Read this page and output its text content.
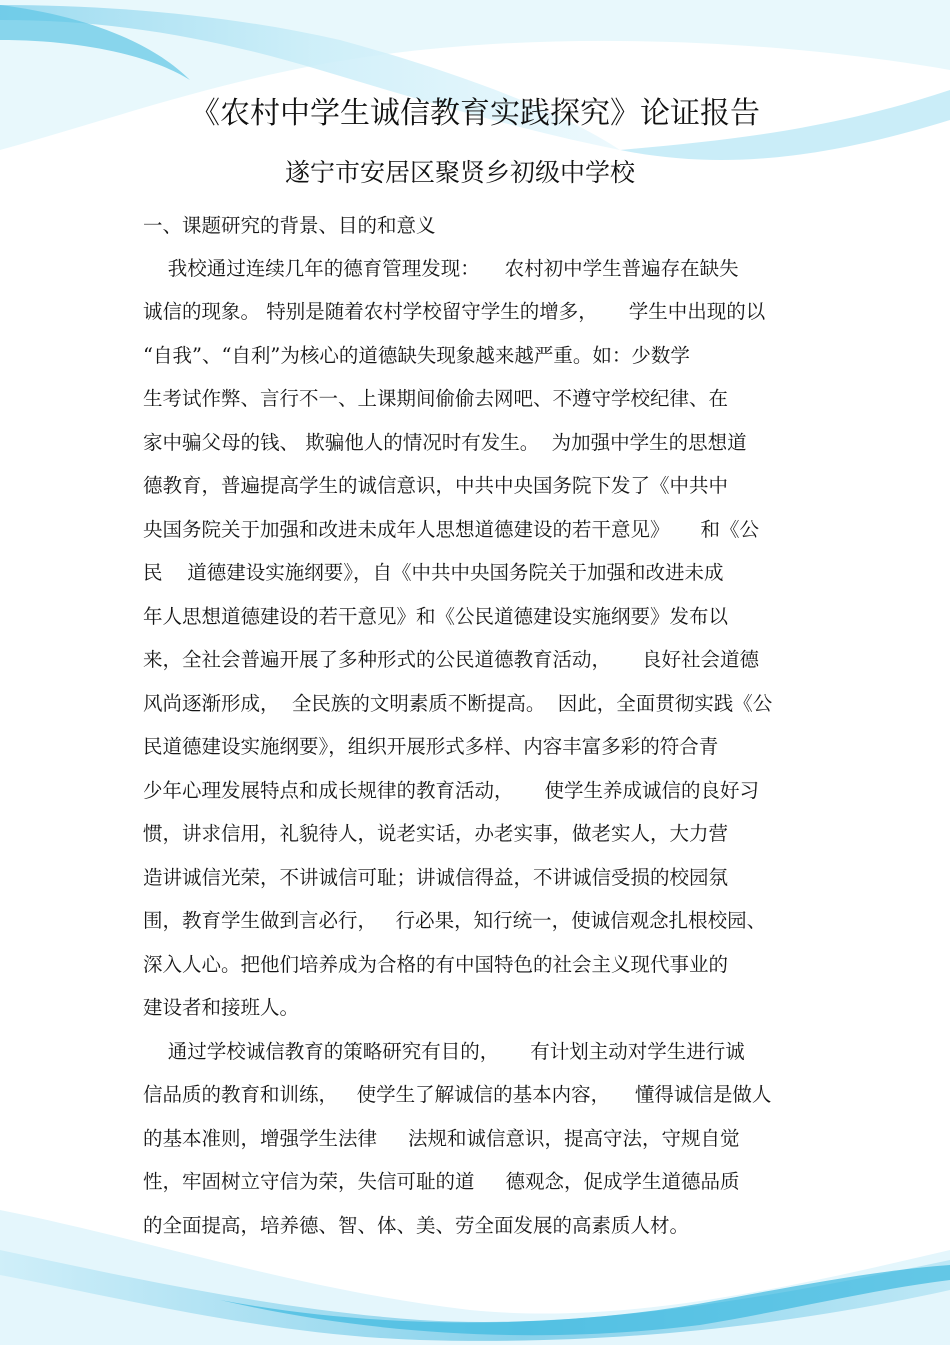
《农村中学生诚信教育实践探究》论证报告
遂宁市安居区聚贤乡初级中学校
一、课题研究的背景、目的和意义
我校通过连续几年的德育管理发现：    农村初中学生普遍存在缺失
诚信的现象。 特别是随着农村学校留守学生的增多，     学生中出现的以
“自我”、“自利”为核心的道德缺失现象越来越严重。如：少数学
生考试作弊、言行不一、上课期间偷偷去网吧、不遵守学校纪律、在
家中骗父母的钱、 欺骗他人的情况时有发生。  为加强中学生的思想道
德教育，普遍提高学生的诚信意识，中共中央国务院下发了《中共中
央国务院关于加强和改进未成年人思想道德建设的若干意见》     和《公
民    道德建设实施纲要》，自《中共中央国务院关于加强和改进未成
年人思想道德建设的若干意见》和《公民道德建设实施纲要》发布以
来，全社会普遍开展了多种形式的公民道德教育活动，     良好社会道德
风尚逐渐形成，  全民族的文明素质不断提高。  因此，全面贯彻实践《公
民道德建设实施纲要》，组织开展形式多样、内容丰富多彩的符合青
少年心理发展特点和成长规律的教育活动，     使学生养成诚信的良好习
惯，讲求信用，礼貌待人，说老实话，办老实事，做老实人，大力营
造讲诚信光荣，不讲诚信可耻；讲诚信得益，不讲诚信受损的校园氛
围，教育学生做到言必行，   行必果，知行统一，使诚信观念扎根校园、
深入人心。把他们培养成为合格的有中国特色的社会主义现代事业的
建设者和接班人。
通过学校诚信教育的策略研究有目的，     有计划主动对学生进行诚
信品质的教育和训练，   使学生了解诚信的基本内容，    懂得诚信是做人
的基本准则，增强学生法律     法规和诚信意识，提高守法，守规自觉
性，牢固树立守信为荣，失信可耻的道     德观念，促成学生道德品质
的全面提高，培养德、智、体、美、劳全面发展的高素质人材。
